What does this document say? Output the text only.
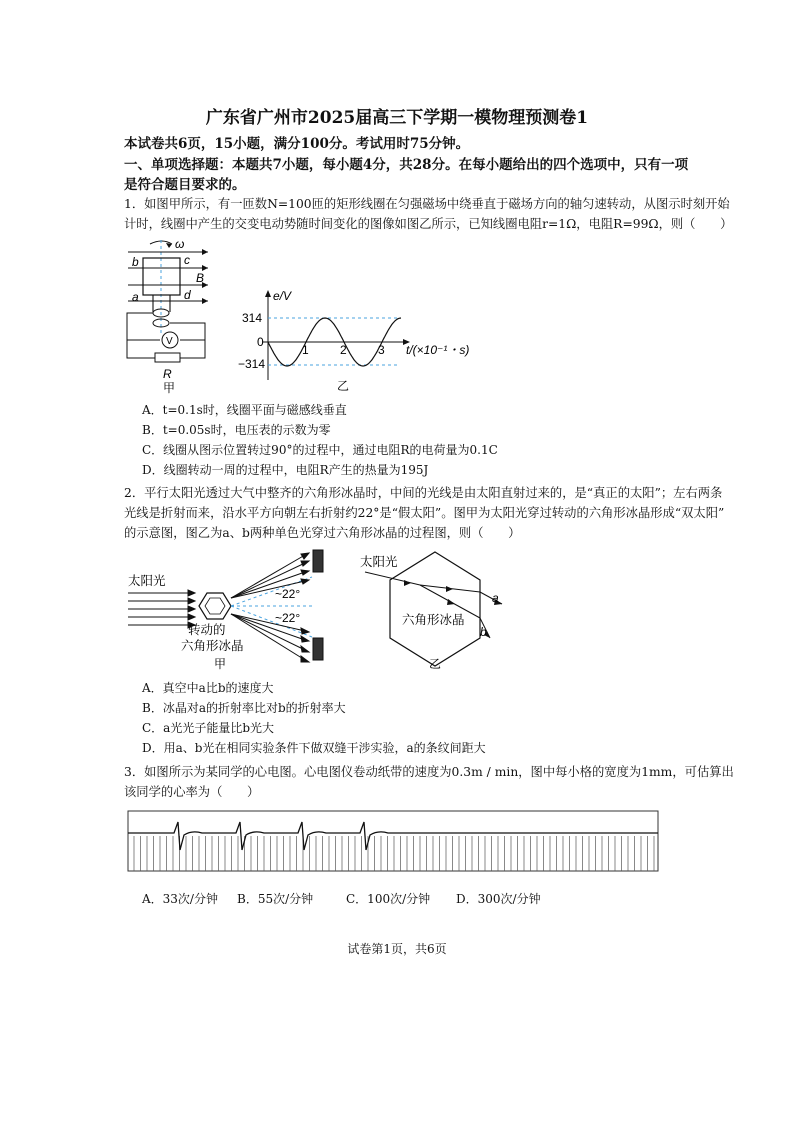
广东省广州市2025届高三下学期一模物理预测卷1
本试卷共6页，15小题，满分100分。考试用时75分钟。
一、单项选择题：本题共7小题，每小题4分，共28分。在每小题给出的四个选项中，只有一项
是符合题目要求的。
1．如图甲所示，有一匝数N=100匝的矩形线圈在匀强磁场中绕垂直于磁场方向的轴匀速转动，从图示时刻开始
计时，线圈中产生的交变电动势随时间变化的图像如图乙所示，已知线圈电阻r=1Ω，电阻R=99Ω，则（　　）
ω
V
b	c
B
a	d
R
甲
e/V
314
0
−314
1	2	3 t/(×10⁻¹・s)
乙
A．t=0.1s时，线圈平面与磁感线垂直
B．t=0.05s时，电压表的示数为零
C．线圈从图示位置转过90°的过程中，通过电阻R的电荷量为0.1C
D．线圈转动一周的过程中，电阻R产生的热量为195J
2．平行太阳光透过大气中整齐的六角形冰晶时，中间的光线是由太阳直射过来的，是“真正的太阳”；左右两条
光线是折射而来，沿水平方向朝左右折射约22°是“假太阳”。图甲为太阳光穿过转动的六角形冰晶形成“双太阳”
的示意图，图乙为a、b两种单色光穿过六角形冰晶的过程图，则（　　）
太阳光
~22°
~22°
转动的
六角形冰晶
甲
太阳光
a
b
六角形冰晶
乙
A．真空中a比b的速度大
B．冰晶对a的折射率比对b的折射率大
C．a光光子能量比b光大
D．用a、b光在相同实验条件下做双缝干涉实验，a的条纹间距大
3．如图所示为某同学的心电图。心电图仪卷动纸带的速度为0.3m / min，图中每小格的宽度为1mm，可估算出
该同学的心率为（　　）
A．33次/分钟 B．55次/分钟	C．100次/分钟 D．300次/分钟
试卷第1页，共6页
